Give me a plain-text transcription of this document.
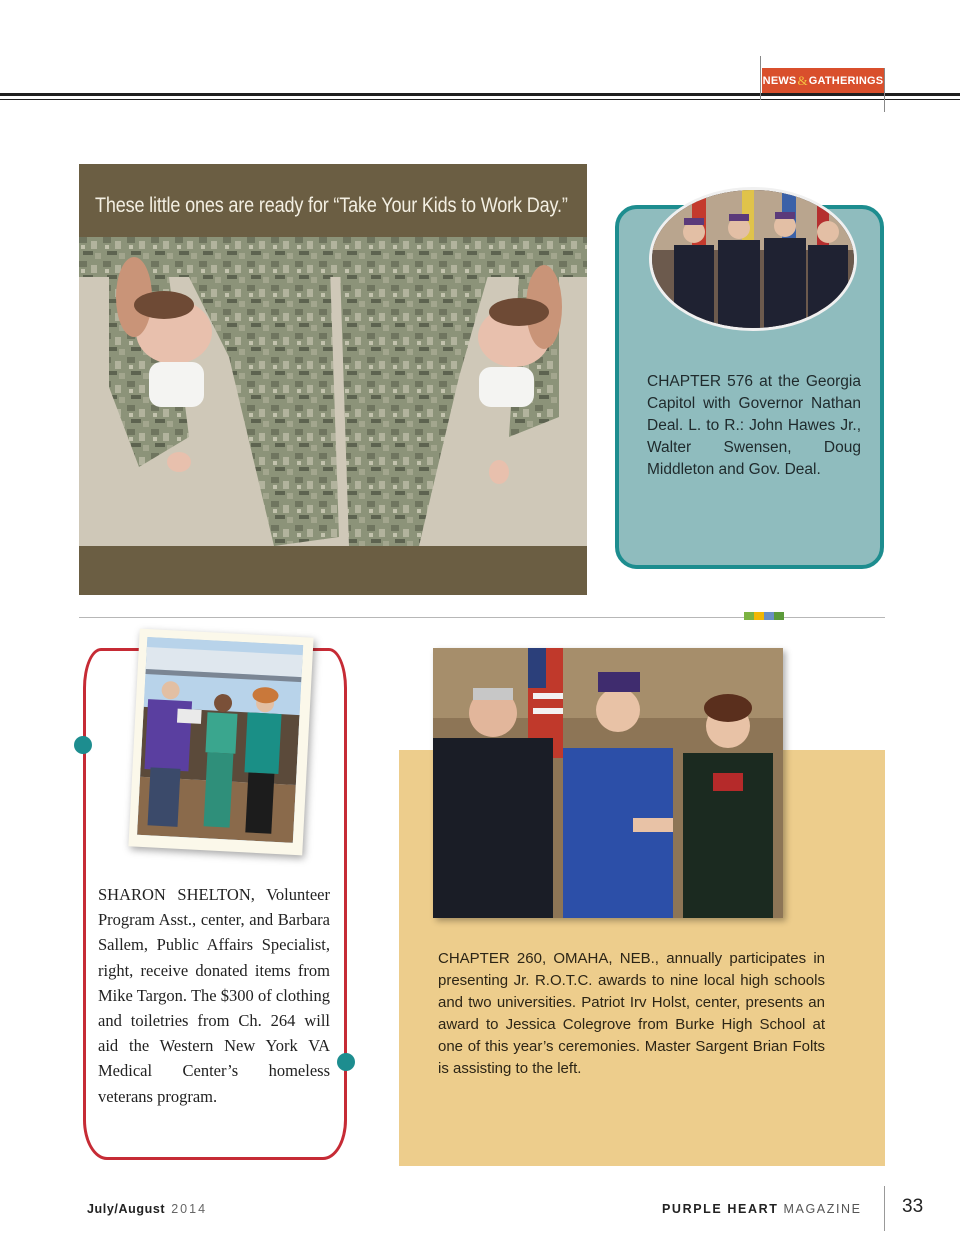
NEWS & GATHERINGS
These little ones are ready for “Take Your Kids to Work Day.”
CHAPTER 576 at the Georgia Capitol with Governor Nathan Deal. L. to R.: John Hawes Jr., Walter Swensen, Doug Middleton and Gov. Deal.
SHARON SHELTON, Volunteer Program Asst., center, and Barbara Sallem, Public Affairs Specialist, right, receive donated items from Mike Targon. The $300 of clothing and toiletries from Ch. 264 will aid the Western New York VA Medical Center’s homeless veterans program.
CHAPTER 260, OMAHA, NEB., annually participates in presenting Jr. R.O.T.C. awards to nine local high schools and two universities. Patriot Irv Holst, center, presents an award to Jessica Colegrove from Burke High School at one of this year’s ceremonies. Master Sargent Brian Folts is assisting to the left.
July/August 2014	PURPLE HEART MAGAZINE 33
